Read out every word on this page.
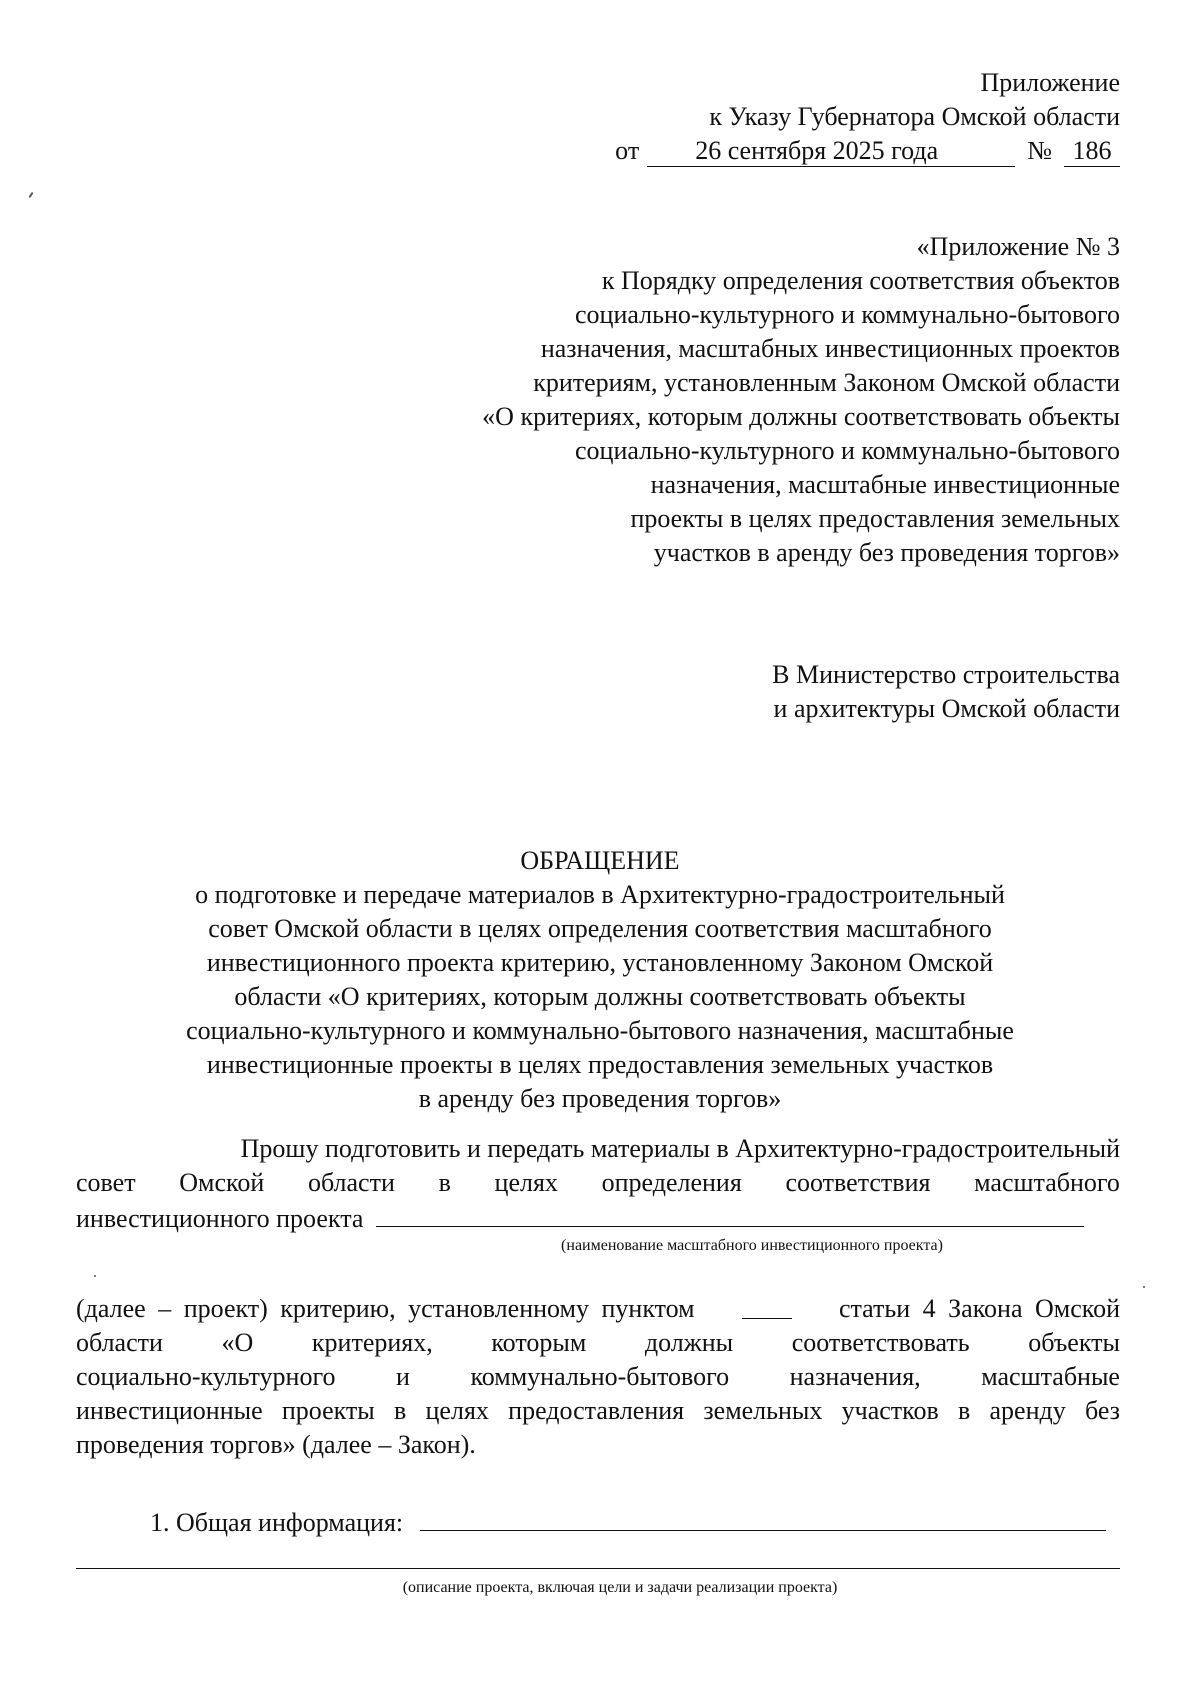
Приложение
к Указу Губернатора Омской области
от	26 сентября 2025 года	№ 186
«Приложение № 3
к Порядку определения соответствия объектов
социально-культурного и коммунально-бытового
назначения, масштабных инвестиционных проектов
критериям, установленным Законом Омской области
«О критериях, которым должны соответствовать объекты
социально-культурного и коммунально-бытового
назначения, масштабные инвестиционные
проекты в целях предоставления земельных
участков в аренду без проведения торгов»
В Министерство строительства
и архитектуры Омской области
ОБРАЩЕНИЕ
о подготовке и передаче материалов в Архитектурно-градостроительный
совет Омской области в целях определения соответствия масштабного
инвестиционного проекта критерию, установленному Законом Омской
области «О критериях, которым должны соответствовать объекты
социально-культурного и коммунально-бытового назначения, масштабные
инвестиционные проекты в целях предоставления земельных участков
в аренду без проведения торгов»
Прошу подготовить и передать материалы в Архитектурно-градостроительный
совет Омской области в целях определения соответствия масштабного
инвестиционного проекта
(наименование масштабного инвестиционного проекта)
(далее – проект) критерию, установленному пунктом	статьи 4 Закона Омской
области «О критериях, которым должны соответствовать объекты
социально-культурного и коммунально-бытового назначения, масштабные
инвестиционные проекты в целях предоставления земельных участков в аренду без
проведения торгов» (далее – Закон).
1. Общая информация:
(описание проекта, включая цели и задачи реализации проекта)
